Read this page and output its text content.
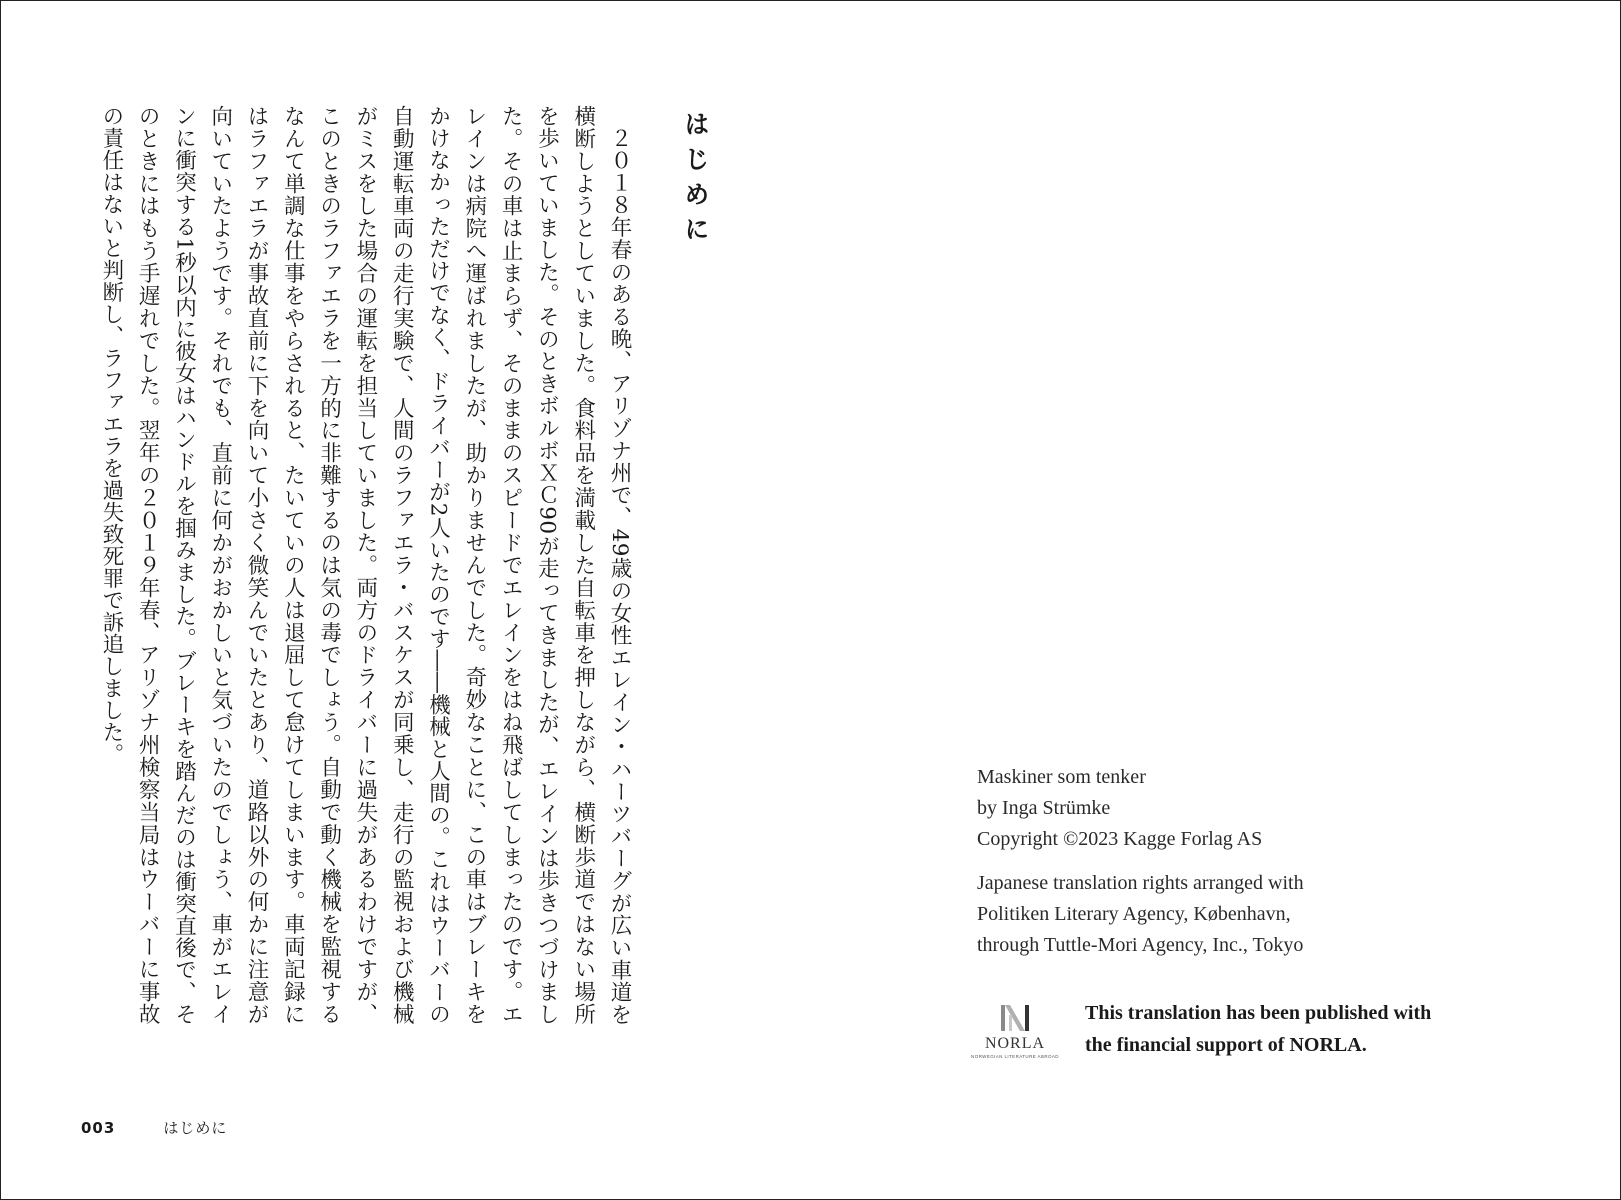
はじめに

２０１８年春のある晩、アリゾナ州で、49歳の女性エレイン・ハーツバーグが広い車道を横断しようとしていました。食料品を満載した自転車を押しながら、横断歩道ではない場所を歩いていました。そのときボルボＸＣ90が走ってきましたが、エレインは歩きつづけました。その車は止まらず、そのままのスピードでエレインをはね飛ばしてしまったのです。エレインは病院へ運ばれましたが、助かりませんでした。奇妙なことに、この車はブレーキをかけなかっただけでなく、ドライバーが2人いたのです――機械と人間の。これはウーバーの自動運転車両の走行実験で、人間のラファエラ・バスケスが同乗し、走行の監視および機械がミスをした場合の運転を担当していました。両方のドライバーに過失があるわけですが、このときのラファエラを一方的に非難するのは気の毒でしょう。自動で動く機械を監視するなんて単調な仕事をやらされると、たいていの人は退屈して怠けてしまいます。車両記録にはラファエラが事故直前に下を向いて小さく微笑んでいたとあり、道路以外の何かに注意が向いていたようです。それでも、直前に何かがおかしいと気づいたのでしょう、車がエレインに衝突する1秒以内に彼女はハンドルを掴みました。ブレーキを踏んだのは衝突直後で、そのときにはもう手遅れでした。翌年の２０１９年春、アリゾナ州検察当局はウーバーに事故の責任はないと判断し、ラファエラを過失致死罪で訴追しました。

003	はじめに
Maskiner som tenker
by Inga Strümke
Copyright ©2023 Kagge Forlag AS
Japanese translation rights arranged with
Politiken Literary Agency, København,
through Tuttle-Mori Agency, Inc., Tokyo
NORLA
NORWEGIAN LITERATURE ABROAD
This translation has been published with
the financial support of NORLA.
